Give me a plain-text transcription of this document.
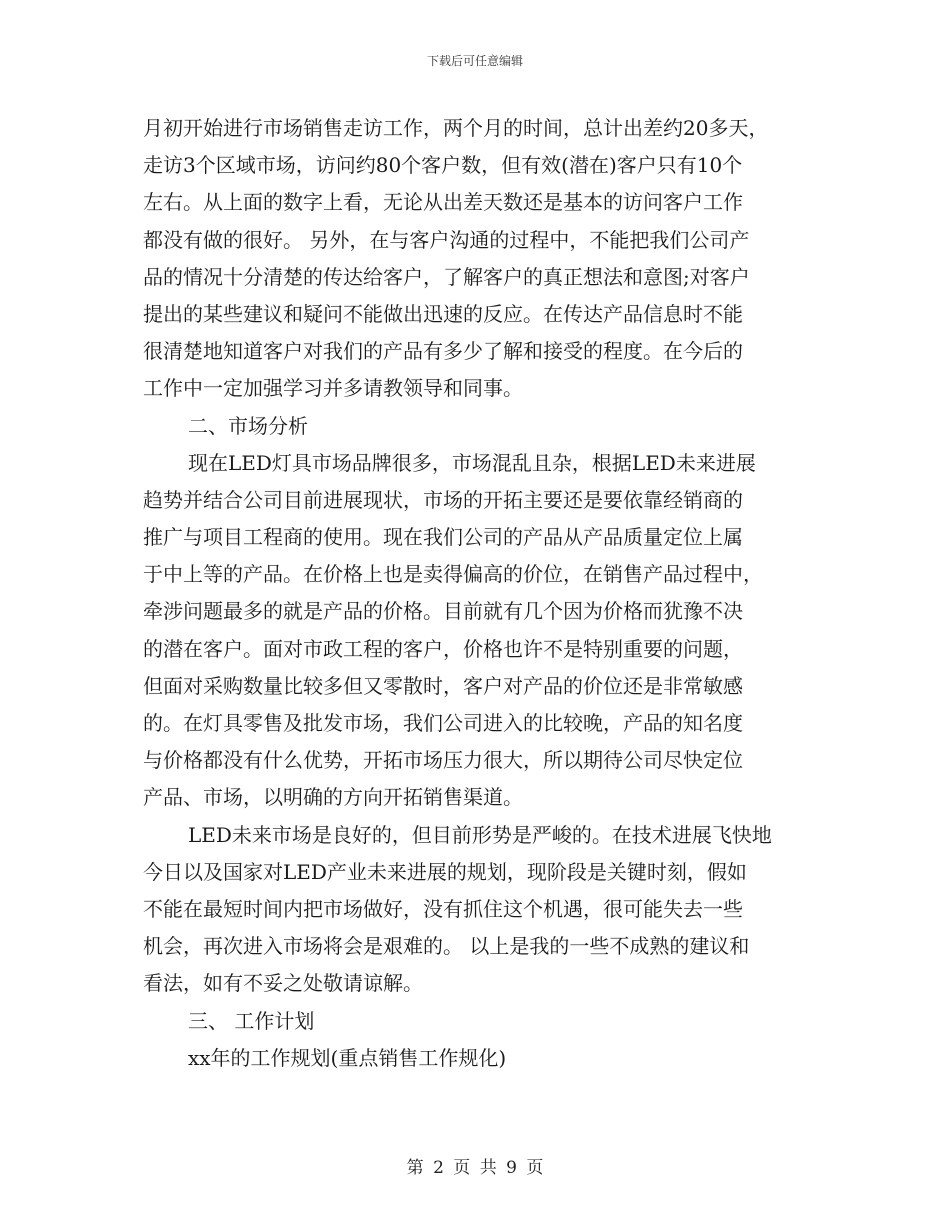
下载后可任意编辑
月初开始进行市场销售走访工作，两个月的时间，总计出差约20多天，
走访3个区域市场，访问约80个客户数，但有效(潜在)客户只有10个
左右。从上面的数字上看，无论从出差天数还是基本的访问客户工作
都没有做的很好。 另外，在与客户沟通的过程中，不能把我们公司产
品的情况十分清楚的传达给客户，了解客户的真正想法和意图;对客户
提出的某些建议和疑问不能做出迅速的反应。在传达产品信息时不能
很清楚地知道客户对我们的产品有多少了解和接受的程度。在今后的
工作中一定加强学习并多请教领导和同事。
二、市场分析
现在LED灯具市场品牌很多，市场混乱且杂，根据LED未来进展
趋势并结合公司目前进展现状，市场的开拓主要还是要依靠经销商的
推广与项目工程商的使用。现在我们公司的产品从产品质量定位上属
于中上等的产品。在价格上也是卖得偏高的价位，在销售产品过程中，
牵涉问题最多的就是产品的价格。目前就有几个因为价格而犹豫不决
的潜在客户。面对市政工程的客户，价格也许不是特别重要的问题，
但面对采购数量比较多但又零散时，客户对产品的价位还是非常敏感
的。在灯具零售及批发市场，我们公司进入的比较晚，产品的知名度
与价格都没有什么优势，开拓市场压力很大，所以期待公司尽快定位
产品、市场，以明确的方向开拓销售渠道。
LED未来市场是良好的，但目前形势是严峻的。在技术进展飞快地
今日以及国家对LED产业未来进展的规划，现阶段是关键时刻，假如
不能在最短时间内把市场做好，没有抓住这个机遇，很可能失去一些
机会，再次进入市场将会是艰难的。 以上是我的一些不成熟的建议和
看法，如有不妥之处敬请谅解。
三、 工作计划
xx年的工作规划(重点销售工作规化)
第 2 页 共 9 页
